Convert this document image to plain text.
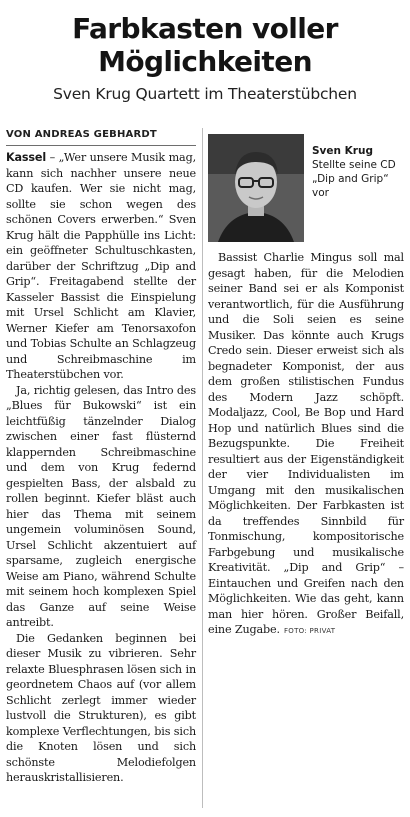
Farbkasten voller
Möglichkeiten
Sven Krug Quartett im Theaterstübchen
VON ANDREAS GEBHARDT

Kassel – „Wer unsere Musik mag, kann sich nachher unsere neue CD kaufen. Wer sie nicht mag, sollte sie schon wegen des schönen Covers erwerben.“ Sven Krug hält die Papphülle ins Licht: ein geöffneter Schultuschkasten, darüber der Schriftzug „Dip and Grip“. Freitagabend stellte der Kasseler Bassist die Einspielung mit Ursel Schlicht am Klavier, Werner Kiefer am Tenorsaxofon und Tobias Schulte an Schlagzeug und Schreibmaschine im Theaterstübchen vor.

Ja, richtig gelesen, das Intro des „Blues für Bukowski“ ist ein leichtfüßig tänzelnder Dialog zwischen einer fast flüsternd klappernden Schreibmaschine und dem von Krug federnd gespielten Bass, der alsbald zu rollen beginnt. Kiefer bläst auch hier das Thema mit seinem ungemein voluminösen Sound, Ursel Schlicht akzentuiert auf sparsame, zugleich energische Weise am Piano, während Schulte mit seinem hoch komplexen Spiel das Ganze auf seine Weise antreibt.

Die Gedanken beginnen bei dieser Musik zu vibrieren. Sehr relaxte Bluesphrasen lösen sich in geordnetem Chaos auf (vor allem Schlicht zerlegt immer wieder lustvoll die Strukturen), es gibt komplexe Verflechtungen, bis sich die Knoten lösen und sich schönste Melodiefolgen herauskristallisieren.

Sven Krug

Stellte seine CD „Dip and Grip“ vor

Bassist Charlie Mingus soll mal gesagt haben, für die Melodien seiner Band sei er als Komponist verantwortlich, für die Ausführung und die Soli seien es seine Musiker. Das könnte auch Krugs Credo sein. Dieser erweist sich als begnadeter Komponist, der aus dem großen stilistischen Fundus des Modern Jazz schöpft. Modaljazz, Cool, Be Bop und Hard Hop und natürlich Blues sind die Bezugspunkte. Die Freiheit resultiert aus der Eigenständigkeit der vier Individualisten im Umgang mit den musikalischen Möglichkeiten. Der Farbkasten ist da treffendes Sinnbild für Tonmischung, kompositorische Farbgebung und musikalische Kreativität. „Dip and Grip“ – Eintauchen und Greifen nach den Möglichkeiten. Wie das geht, kann man hier hören. Großer Beifall, eine Zugabe. FOTO: PRIVAT
